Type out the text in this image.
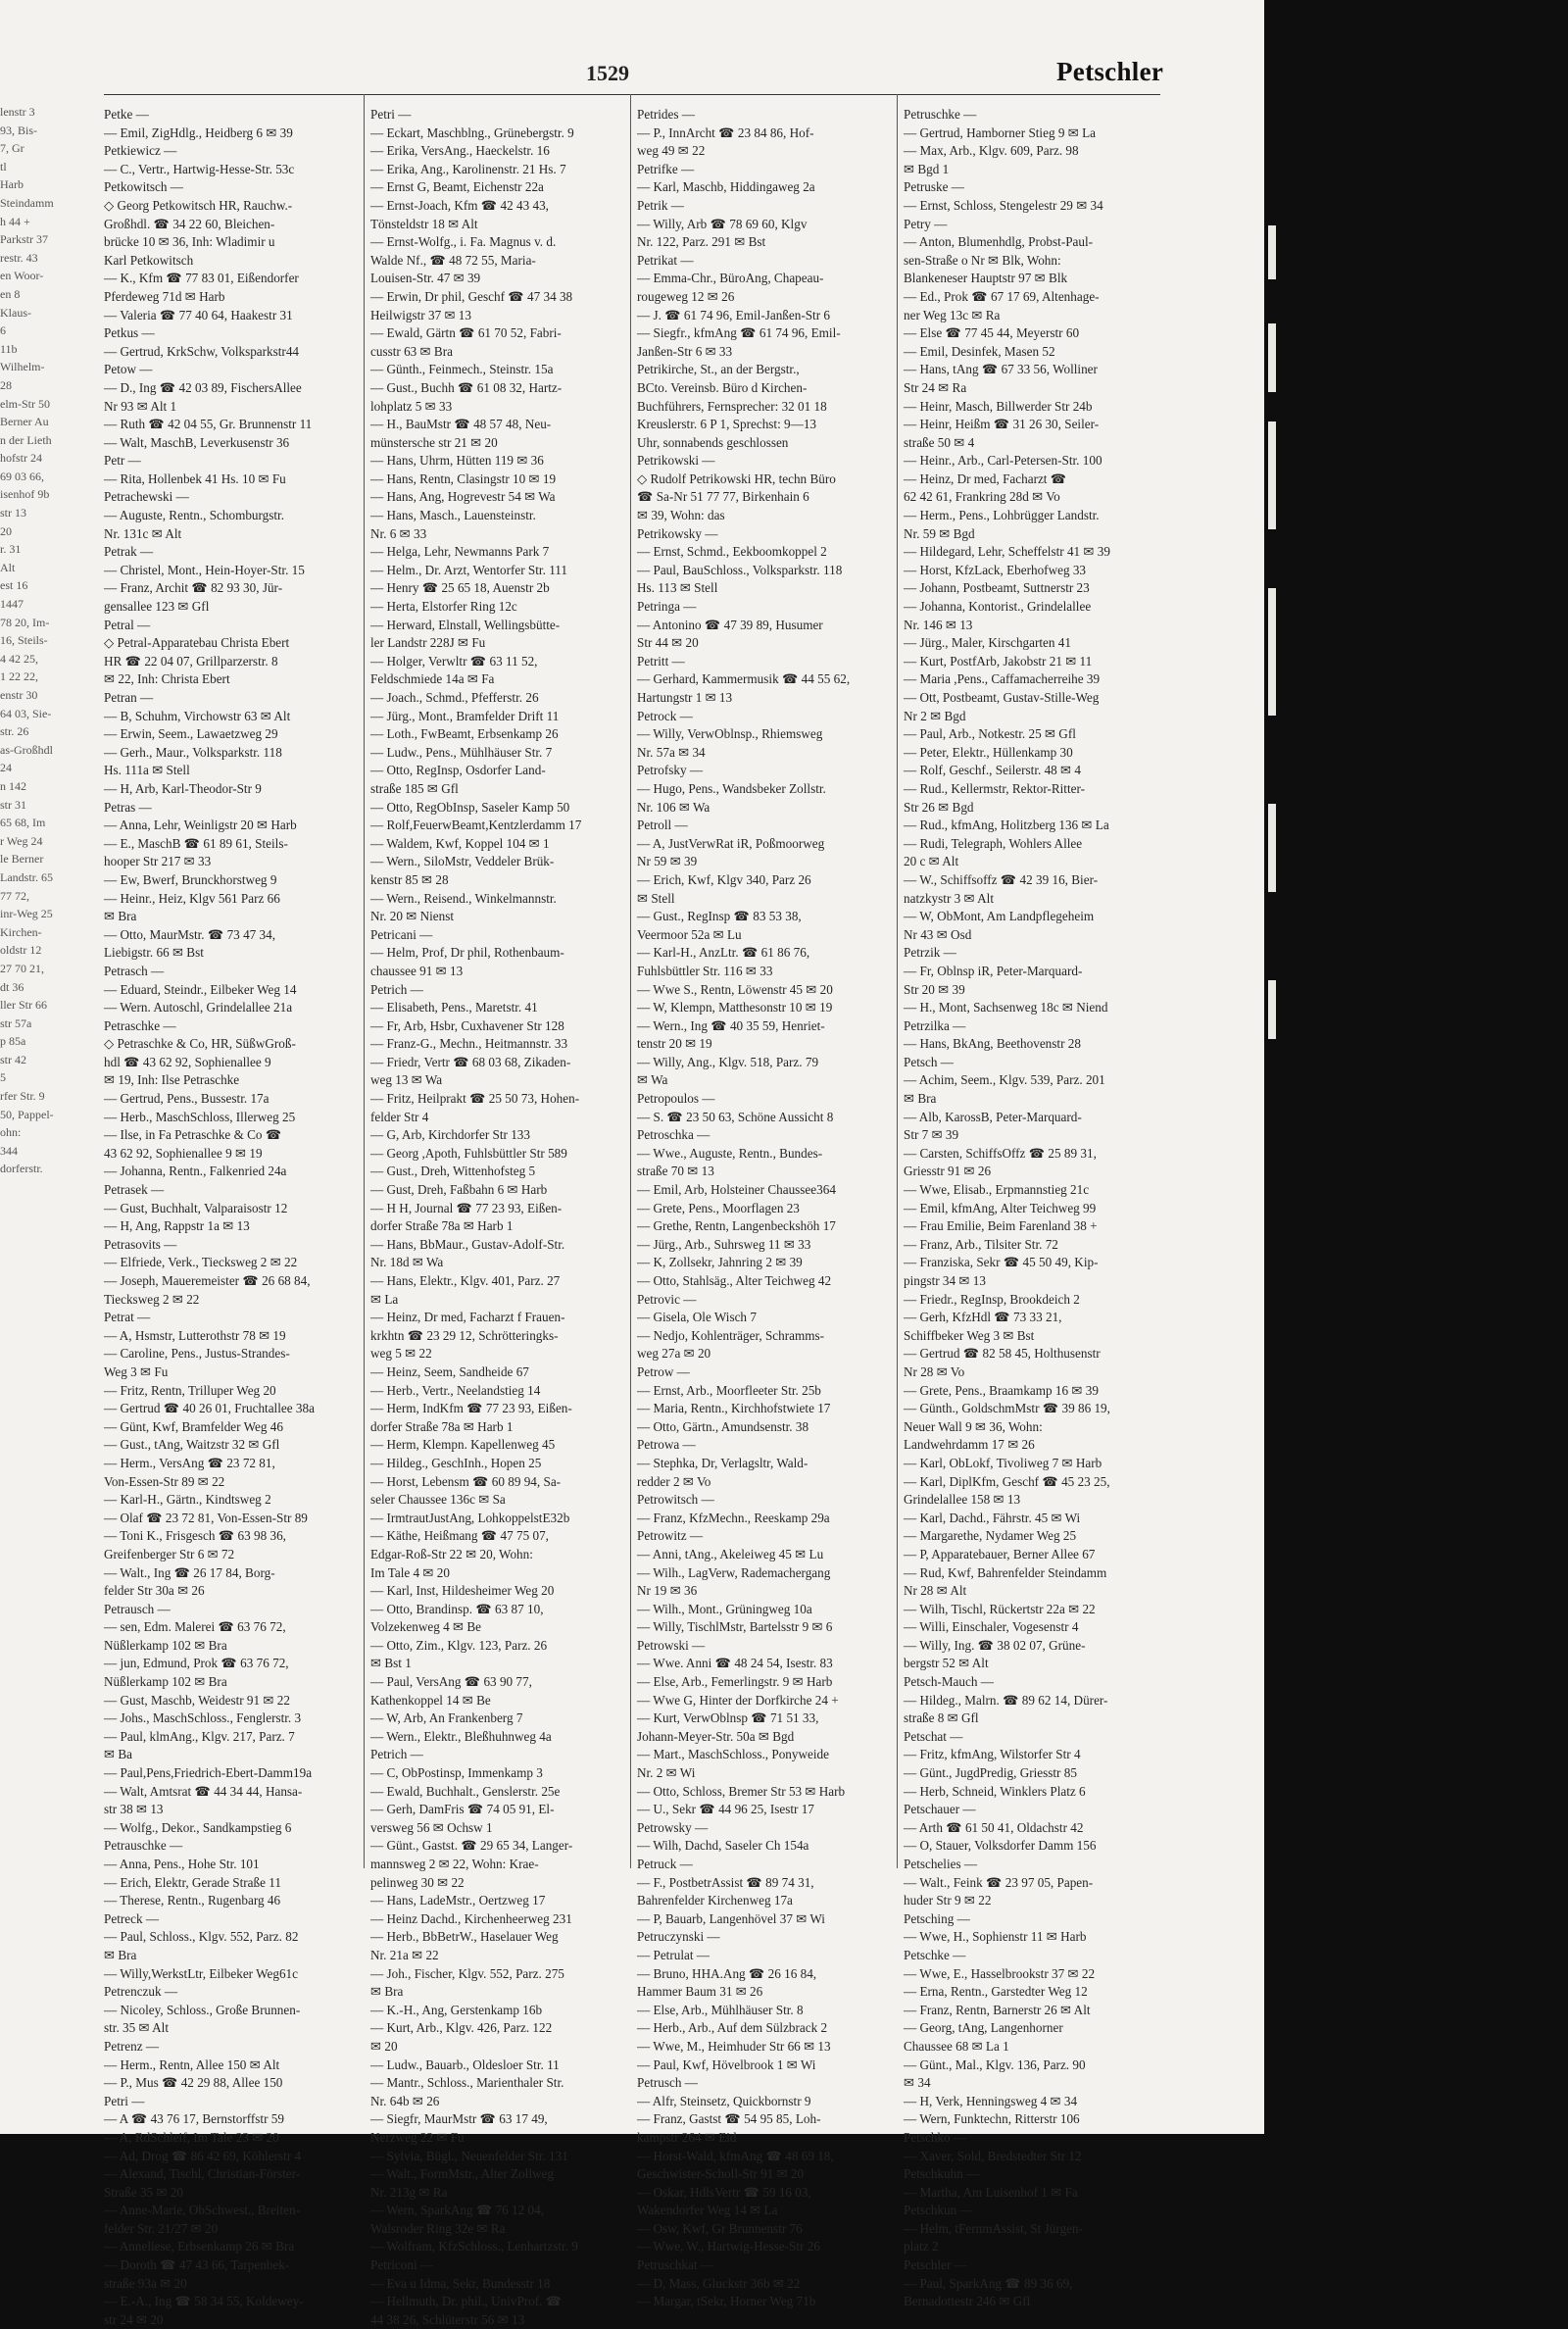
lenstr 3
93, Bis-
7, Gr
tl
Harb
Steindamm
h 44 +
Parkstr 37
restr. 43
en Woor-
en 8
Klaus-
6
11b
Wilhelm-
28
elm-Str 50
Berner Au
n der Lieth
hofstr 24
69 03 66,
isenhof 9b
str 13
20
r. 31
Alt
est 16
1447
78 20, Im-
16, Steils-
4 42 25,
1 22 22,
enstr 30
64 03, Sie-
str. 26
as-Großhdl
24
n 142
str 31
65 68, Im
r Weg 24
le Berner
Landstr. 65
77 72,
inr-Weg 25
Kirchen-
oldstr 12
27 70 21,
dt 36
ller Str 66
str 57a
p 85a
str 42
5
rfer Str. 9
50, Pappel-
ohn:
344
dorferstr.
1529	Petschler
Petke —
— Emil, ZigHdlg., Heidberg 6 ✉ 39
Petkiewicz —
— C., Vertr., Hartwig-Hesse-Str. 53c
Petkowitsch —
◇ Georg Petkowitsch HR, Rauchw.-
Großhdl. ☎ 34 22 60, Bleichen-
brücke 10 ✉ 36, Inh: Wladimir u
Karl Petkowitsch
— K., Kfm ☎ 77 83 01, Eißendorfer
Pferdeweg 71d ✉ Harb
— Valeria ☎ 77 40 64, Haakestr 31
Petkus —
— Gertrud, KrkSchw, Volksparkstr44
Petow —
— D., Ing ☎ 42 03 89, FischersAllee
Nr 93 ✉ Alt 1
— Ruth ☎ 42 04 55, Gr. Brunnenstr 11
— Walt, MaschB, Leverkusenstr 36
Petr —
— Rita, Hollenbek 41 Hs. 10 ✉ Fu
Petrachewski —
— Auguste, Rentn., Schomburgstr.
Nr. 131c ✉ Alt
Petrak —
— Christel, Mont., Hein-Hoyer-Str. 15
— Franz, Archit ☎ 82 93 30, Jür-
gensallee 123 ✉ Gfl
Petral —
◇ Petral-Apparatebau Christa Ebert
HR ☎ 22 04 07, Grillparzerstr. 8
✉ 22, Inh: Christa Ebert
Petran —
— B, Schuhm, Virchowstr 63 ✉ Alt
— Erwin, Seem., Lawaetzweg 29
— Gerh., Maur., Volksparkstr. 118
Hs. 111a ✉ Stell
— H, Arb, Karl-Theodor-Str 9
Petras —
— Anna, Lehr, Weinligstr 20 ✉ Harb
— E., MaschB ☎ 61 89 61, Steils-
hooper Str 217 ✉ 33
— Ew, Bwerf, Brunckhorstweg 9
— Heinr., Heiz, Klgv 561 Parz 66
✉ Bra
— Otto, MaurMstr. ☎ 73 47 34,
Liebigstr. 66 ✉ Bst
Petrasch —
— Eduard, Steindr., Eilbeker Weg 14
— Wern. Autoschl, Grindelallee 21a
Petraschke —
◇ Petraschke & Co, HR, SüßwGroß-
hdl ☎ 43 62 92, Sophienallee 9
✉ 19, Inh: Ilse Petraschke
— Gertrud, Pens., Bussestr. 17a
— Herb., MaschSchloss, Illerweg 25
— Ilse, in Fa Petraschke & Co ☎
43 62 92, Sophienallee 9 ✉ 19
— Johanna, Rentn., Falkenried 24a
Petrasek —
— Gust, Buchhalt, Valparaisostr 12
— H, Ang, Rappstr 1a ✉ 13
Petrasovits —
— Elfriede, Verk., Tiecksweg 2 ✉ 22
— Joseph, Maueremeister ☎ 26 68 84,
Tiecksweg 2 ✉ 22
Petrat —
— A, Hsmstr, Lutterothstr 78 ✉ 19
— Caroline, Pens., Justus-Strandes-
Weg 3 ✉ Fu
— Fritz, Rentn, Trilluper Weg 20
— Gertrud ☎ 40 26 01, Fruchtallee 38a
— Günt, Kwf, Bramfelder Weg 46
— Gust., tAng, Waitzstr 32 ✉ Gfl
— Herm., VersAng ☎ 23 72 81,
Von-Essen-Str 89 ✉ 22
— Karl-H., Gärtn., Kindtsweg 2
— Olaf ☎ 23 72 81, Von-Essen-Str 89
— Toni K., Frisgesch ☎ 63 98 36,
Greifenberger Str 6 ✉ 72
— Walt., Ing ☎ 26 17 84, Borg-
felder Str 30a ✉ 26
Petrausch —
— sen, Edm. Malerei ☎ 63 76 72,
Nüßlerkamp 102 ✉ Bra
— jun, Edmund, Prok ☎ 63 76 72,
Nüßlerkamp 102 ✉ Bra
— Gust, Maschb, Weidestr 91 ✉ 22
— Johs., MaschSchloss., Fenglerstr. 3
— Paul, klmAng., Klgv. 217, Parz. 7
✉ Ba
— Paul,Pens,Friedrich-Ebert-Damm19a
— Walt, Amtsrat ☎ 44 34 44, Hansa-
str 38 ✉ 13
— Wolfg., Dekor., Sandkampstieg 6
Petrauschke —
— Anna, Pens., Hohe Str. 101
— Erich, Elektr, Gerade Straße 11
— Therese, Rentn., Rugenbarg 46
Petreck —
— Paul, Schloss., Klgv. 552, Parz. 82
✉ Bra
— Willy,WerkstLtr, Eilbeker Weg61c
Petrenczuk —
— Nicoley, Schloss., Große Brunnen-
str. 35 ✉ Alt
Petrenz —
— Herm., Rentn, Allee 150 ✉ Alt
— P., Mus ☎ 42 29 88, Allee 150
Petri —
— A ☎ 43 76 17, Bernstorffstr 59
— A, RdSchleif, Im Tale 23 ✉ 20
— Ad, Drog ☎ 86 42 69, Köhlerstr 4
— Alexand, Tischl, Christian-Förster-
Straße 35 ✉ 20
— Anne-Marie, ObSchwest., Breiten-
felder Str. 21/27 ✉ 20
— Anneliese, Erbsenkamp 26 ✉ Bra
— Doroth ☎ 47 43 66, Tarpenbek-
straße 93a ✉ 20
— E.-A., Ing ☎ 58 34 55, Koldewey-
str 24 ✉ 20
Petri —
— Eckart, Maschblng., Grünebergstr. 9
— Erika, VersAng., Haeckelstr. 16
— Erika, Ang., Karolinenstr. 21 Hs. 7
— Ernst G, Beamt, Eichenstr 22a
— Ernst-Joach, Kfm ☎ 42 43 43,
Tönsteldstr 18 ✉ Alt
— Ernst-Wolfg., i. Fa. Magnus v. d.
Walde Nf., ☎ 48 72 55, Maria-
Louisen-Str. 47 ✉ 39
— Erwin, Dr phil, Geschf ☎ 47 34 38
Heilwigstr 37 ✉ 13
— Ewald, Gärtn ☎ 61 70 52, Fabri-
cusstr 63 ✉ Bra
— Günth., Feinmech., Steinstr. 15a
— Gust., Buchh ☎ 61 08 32, Hartz-
lohplatz 5 ✉ 33
— H., BauMstr ☎ 48 57 48, Neu-
münstersche str 21 ✉ 20
— Hans, Uhrm, Hütten 119 ✉ 36
— Hans, Rentn, Clasingstr 10 ✉ 19
— Hans, Ang, Hogrevestr 54 ✉ Wa
— Hans, Masch., Lauensteinstr.
Nr. 6 ✉ 33
— Helga, Lehr, Newmanns Park 7
— Helm., Dr. Arzt, Wentorfer Str. 111
— Henry ☎ 25 65 18, Auenstr 2b
— Herta, Elstorfer Ring 12c
— Herward, Elnstall, Wellingsbütte-
ler Landstr 228J ✉ Fu
— Holger, Verwltr ☎ 63 11 52,
Feldschmiede 14a ✉ Fa
— Joach., Schmd., Pfefferstr. 26
— Jürg., Mont., Bramfelder Drift 11
— Loth., FwBeamt, Erbsenkamp 26
— Ludw., Pens., Mühlhäuser Str. 7
— Otto, RegInsp, Osdorfer Land-
straße 185 ✉ Gfl
— Otto, RegObInsp, Saseler Kamp 50
— Rolf,FeuerwBeamt,Kentzlerdamm 17
— Waldem, Kwf, Koppel 104 ✉ 1
— Wern., SiloMstr, Veddeler Brük-
kenstr 85 ✉ 28
— Wern., Reisend., Winkelmannstr.
Nr. 20 ✉ Nienst
Petricani —
— Helm, Prof, Dr phil, Rothenbaum-
chaussee 91 ✉ 13
Petrich —
— Elisabeth, Pens., Maretstr. 41
— Fr, Arb, Hsbr, Cuxhavener Str 128
— Franz-G., Mechn., Heitmannstr. 33
— Friedr, Vertr ☎ 68 03 68, Zikaden-
weg 13 ✉ Wa
— Fritz, Heilprakt ☎ 25 50 73, Hohen-
felder Str 4
— G, Arb, Kirchdorfer Str 133
— Georg ,Apoth, Fuhlsbüttler Str 589
— Gust., Dreh, Wittenhofsteg 5
— Gust, Dreh, Faßbahn 6 ✉ Harb
— H H, Journal ☎ 77 23 93, Eißen-
dorfer Straße 78a ✉ Harb 1
— Hans, BbMaur., Gustav-Adolf-Str.
Nr. 18d ✉ Wa
— Hans, Elektr., Klgv. 401, Parz. 27
✉ La
— Heinz, Dr med, Facharzt f Frauen-
krkhtn ☎ 23 29 12, Schrötteringks-
weg 5 ✉ 22
— Heinz, Seem, Sandheide 67
— Herb., Vertr., Neelandstieg 14
— Herm, IndKfm ☎ 77 23 93, Eißen-
dorfer Straße 78a ✉ Harb 1
— Herm, Klempn. Kapellenweg 45
— Hildeg., GeschInh., Hopen 25
— Horst, Lebensm ☎ 60 89 94, Sa-
seler Chaussee 136c ✉ Sa
— IrmtrautJustAng, LohkoppelstE32b
— Käthe, Heißmang ☎ 47 75 07,
Edgar-Roß-Str 22 ✉ 20, Wohn:
Im Tale 4 ✉ 20
— Karl, Inst, Hildesheimer Weg 20
— Otto, Brandinsp. ☎ 63 87 10,
Volzekenweg 4 ✉ Be
— Otto, Zim., Klgv. 123, Parz. 26
✉ Bst 1
— Paul, VersAng ☎ 63 90 77,
Kathenkoppel 14 ✉ Be
— W, Arb, An Frankenberg 7
— Wern., Elektr., Bleßhuhnweg 4a
Petrich —
— C, ObPostinsp, Immenkamp 3
— Ewald, Buchhalt., Genslerstr. 25e
— Gerh, DamFris ☎ 74 05 91, El-
versweg 56 ✉ Ochsw 1
— Günt., Gastst. ☎ 29 65 34, Langer-
mannsweg 2 ✉ 22, Wohn: Krae-
pelinweg 30 ✉ 22
— Hans, LadeMstr., Oertzweg 17
— Heinz Dachd., Kirchenheerweg 231
— Herb., BbBetrW., Haselauer Weg
Nr. 21a ✉ 22
— Joh., Fischer, Klgv. 552, Parz. 275
✉ Bra
— K.-H., Ang, Gerstenkamp 16b
— Kurt, Arb., Klgv. 426, Parz. 122
✉ 20
— Ludw., Bauarb., Oldesloer Str. 11
— Mantr., Schloss., Marienthaler Str.
Nr. 64b ✉ 26
— Siegfr, MaurMstr ☎ 63 17 49,
Nerzweg 22 ✉ Fu
— Sylvia, Bügl., Neuenfelder Str. 131
— Walt., FormMstr., Alter Zollweg
Nr. 213g ✉ Ra
— Wern, SparkAng ☎ 76 12 04,
Walsroder Ring 32e ✉ Ra
— Wolfram, KfzSchloss., Lenhartzstr. 9
Petriconi —
— Eva u Idma, Sekr, Bundesstr 18
— Hellmuth, Dr. phil., UnivProf. ☎
44 38 26, Schlüterstr 56 ✉ 13
Petrides —
— P., InnArcht ☎ 23 84 86, Hof-
weg 49 ✉ 22
Petrifke —
— Karl, Maschb, Hiddingaweg 2a
Petrik —
— Willy, Arb ☎ 78 69 60, Klgv
Nr. 122, Parz. 291 ✉ Bst
Petrikat —
— Emma-Chr., BüroAng, Chapeau-
rougeweg 12 ✉ 26
— J. ☎ 61 74 96, Emil-Janßen-Str 6
— Siegfr., kfmAng ☎ 61 74 96, Emil-
Janßen-Str 6 ✉ 33
Petrikirche, St., an der Bergstr.,
BCto. Vereinsb. Büro d Kirchen-
Buchführers, Fernsprecher: 32 01 18
Kreuslerstr. 6 P 1, Sprechst: 9—13
Uhr, sonnabends geschlossen
Petrikowski —
◇ Rudolf Petrikowski HR, techn Büro
☎ Sa-Nr 51 77 77, Birkenhain 6
✉ 39, Wohn: das
Petrikowsky —
— Ernst, Schmd., Eekboomkoppel 2
— Paul, BauSchloss., Volksparkstr. 118
Hs. 113 ✉ Stell
Petringa —
— Antonino ☎ 47 39 89, Husumer
Str 44 ✉ 20
Petritt —
— Gerhard, Kammermusik ☎ 44 55 62,
Hartungstr 1 ✉ 13
Petrock —
— Willy, VerwOblnsp., Rhiemsweg
Nr. 57a ✉ 34
Petrofsky —
— Hugo, Pens., Wandsbeker Zollstr.
Nr. 106 ✉ Wa
Petroll —
— A, JustVerwRat iR, Poßmoorweg
Nr 59 ✉ 39
— Erich, Kwf, Klgv 340, Parz 26
✉ Stell
— Gust., RegInsp ☎ 83 53 38,
Veermoor 52a ✉ Lu
— Karl-H., AnzLtr. ☎ 61 86 76,
Fuhlsbüttler Str. 116 ✉ 33
— Wwe S., Rentn, Löwenstr 45 ✉ 20
— W, Klempn, Matthesonstr 10 ✉ 19
— Wern., Ing ☎ 40 35 59, Henriet-
tenstr 20 ✉ 19
— Willy, Ang., Klgv. 518, Parz. 79
✉ Wa
Petropoulos —
— S. ☎ 23 50 63, Schöne Aussicht 8
Petroschka —
— Wwe., Auguste, Rentn., Bundes-
straße 70 ✉ 13
— Emil, Arb, Holsteiner Chaussee364
— Grete, Pens., Moorflagen 23
— Grethe, Rentn, Langenbeckshöh 17
— Jürg., Arb., Suhrsweg 11 ✉ 33
— K, Zollsekr, Jahnring 2 ✉ 39
— Otto, Stahlsäg., Alter Teichweg 42
Petrovic —
— Gisela, Ole Wisch 7
— Nedjo, Kohlenträger, Schramms-
weg 27a ✉ 20
Petrow —
— Ernst, Arb., Moorfleeter Str. 25b
— Maria, Rentn., Kirchhofstwiete 17
— Otto, Gärtn., Amundsenstr. 38
Petrowa —
— Stephka, Dr, Verlagsltr, Wald-
redder 2 ✉ Vo
Petrowitsch —
— Franz, KfzMechn., Reeskamp 29a
Petrowitz —
— Anni, tAng., Akeleiweg 45 ✉ Lu
— Wilh., LagVerw, Rademachergang
Nr 19 ✉ 36
— Wilh., Mont., Grüningweg 10a
— Willy, TischlMstr, Bartelsstr 9 ✉ 6
Petrowski —
— Wwe. Anni ☎ 48 24 54, Isestr. 83
— Else, Arb., Femerlingstr. 9 ✉ Harb
— Wwe G, Hinter der Dorfkirche 24 +
— Kurt, VerwOblnsp ☎ 71 51 33,
Johann-Meyer-Str. 50a ✉ Bgd
— Mart., MaschSchloss., Ponyweide
Nr. 2 ✉ Wi
— Otto, Schloss, Bremer Str 53 ✉ Harb
— U., Sekr ☎ 44 96 25, Isestr 17
Petrowsky —
— Wilh, Dachd, Saseler Ch 154a
Petruck —
— F., PostbetrAssist ☎ 89 74 31,
Bahrenfelder Kirchenweg 17a
— P, Bauarb, Langenhövel 37 ✉ Wi
Petruczynski —
— Petrulat —
— Bruno, HHA.Ang ☎ 26 16 84,
Hammer Baum 31 ✉ 26
— Else, Arb., Mühlhäuser Str. 8
— Herb., Arb., Auf dem Sülzbrack 2
— Wwe, M., Heimhuder Str 66 ✉ 13
— Paul, Kwf, Hövelbrook 1 ✉ Wi
Petrusch —
— Alfr, Steinsetz, Quickbornstr 9
— Franz, Gastst ☎ 54 95 85, Loh-
kampstr 264 ✉ Eid
— Horst-Wald, kfmAng ☎ 48 69 18,
Geschwister-Scholl-Str 91 ✉ 20
— Oskar, HdlsVertr ☎ 59 16 03,
Wakendorfer Weg 14 ✉ La
— Osw, Kwf, Gr Brunnenstr 76
— Wwe, W., Hartwig-Hesse-Str 26
Petruschkat —
— D, Mass, Gluckstr 36b ✉ 22
— Margar, tSekr, Horner Weg 71b
Petruschke —
— Gertrud, Hamborner Stieg 9 ✉ La
— Max, Arb., Klgv. 609, Parz. 98
✉ Bgd 1
Petruske —
— Ernst, Schloss, Stengelestr 29 ✉ 34
Petry —
— Anton, Blumenhdlg, Probst-Paul-
sen-Straße o Nr ✉ Blk, Wohn:
Blankeneser Hauptstr 97 ✉ Blk
— Ed., Prok ☎ 67 17 69, Altenhage-
ner Weg 13c ✉ Ra
— Else ☎ 77 45 44, Meyerstr 60
— Emil, Desinfek, Masen 52
— Hans, tAng ☎ 67 33 56, Wolliner
Str 24 ✉ Ra
— Heinr, Masch, Billwerder Str 24b
— Heinr, Heißm ☎ 31 26 30, Seiler-
straße 50 ✉ 4
— Heinr., Arb., Carl-Petersen-Str. 100
— Heinz, Dr med, Facharzt ☎
62 42 61, Frankring 28d ✉ Vo
— Herm., Pens., Lohbrügger Landstr.
Nr. 59 ✉ Bgd
— Hildegard, Lehr, Scheffelstr 41 ✉ 39
— Horst, KfzLack, Eberhofweg 33
— Johann, Postbeamt, Suttnerstr 23
— Johanna, Kontorist., Grindelallee
Nr. 146 ✉ 13
— Jürg., Maler, Kirschgarten 41
— Kurt, PostfArb, Jakobstr 21 ✉ 11
— Maria ,Pens., Caffamacherreihe 39
— Ott, Postbeamt, Gustav-Stille-Weg
Nr 2 ✉ Bgd
— Paul, Arb., Notkestr. 25 ✉ Gfl
— Peter, Elektr., Hüllenkamp 30
— Rolf, Geschf., Seilerstr. 48 ✉ 4
— Rud., Kellermstr, Rektor-Ritter-
Str 26 ✉ Bgd
— Rud., kfmAng, Holitzberg 136 ✉ La
— Rudi, Telegraph, Wohlers Allee
20 c ✉ Alt
— W., Schiffsoffz ☎ 42 39 16, Bier-
natzkystr 3 ✉ Alt
— W, ObMont, Am Landpflegeheim
Nr 43 ✉ Osd
Petrzik —
— Fr, Oblnsp iR, Peter-Marquard-
Str 20 ✉ 39
— H., Mont, Sachsenweg 18c ✉ Niend
Petrzilka —
— Hans, BkAng, Beethovenstr 28
Petsch —
— Achim, Seem., Klgv. 539, Parz. 201
✉ Bra
— Alb, KarossB, Peter-Marquard-
Str 7 ✉ 39
— Carsten, SchiffsOffz ☎ 25 89 31,
Griesstr 91 ✉ 26
— Wwe, Elisab., Erpmannstieg 21c
— Emil, kfmAng, Alter Teichweg 99
— Frau Emilie, Beim Farenland 38 +
— Franz, Arb., Tilsiter Str. 72
— Franziska, Sekr ☎ 45 50 49, Kip-
pingstr 34 ✉ 13
— Friedr., RegInsp, Brookdeich 2
— Gerh, KfzHdl ☎ 73 33 21,
Schiffbeker Weg 3 ✉ Bst
— Gertrud ☎ 82 58 45, Holthusenstr
Nr 28 ✉ Vo
— Grete, Pens., Braamkamp 16 ✉ 39
— Günth., GoldschmMstr ☎ 39 86 19,
Neuer Wall 9 ✉ 36, Wohn:
Landwehrdamm 17 ✉ 26
— Karl, ObLokf, Tivoliweg 7 ✉ Harb
— Karl, DiplKfm, Geschf ☎ 45 23 25,
Grindelallee 158 ✉ 13
— Karl, Dachd., Fährstr. 45 ✉ Wi
— Margarethe, Nydamer Weg 25
— P, Apparatebauer, Berner Allee 67
— Rud, Kwf, Bahrenfelder Steindamm
Nr 28 ✉ Alt
— Wilh, Tischl, Rückertstr 22a ✉ 22
— Willi, Einschaler, Vogesenstr 4
— Willy, Ing. ☎ 38 02 07, Grüne-
bergstr 52 ✉ Alt
Petsch-Mauch —
— Hildeg., Malrn. ☎ 89 62 14, Dürer-
straße 8 ✉ Gfl
Petschat —
— Fritz, kfmAng, Wilstorfer Str 4
— Günt., JugdPredig, Griesstr 85
— Herb, Schneid, Winklers Platz 6
Petschauer —
— Arth ☎ 61 50 41, Oldachstr 42
— O, Stauer, Volksdorfer Damm 156
Petschelies —
— Walt., Feink ☎ 23 97 05, Papen-
huder Str 9 ✉ 22
Petsching —
— Wwe, H., Sophienstr 11 ✉ Harb
Petschke —
— Wwe, E., Hasselbrookstr 37 ✉ 22
— Erna, Rentn., Garstedter Weg 12
— Franz, Rentn, Barnerstr 26 ✉ Alt
— Georg, tAng, Langenhorner
Chaussee 68 ✉ La 1
— Günt., Mal., Klgv. 136, Parz. 90
✉ 34
— H, Verk, Henningsweg 4 ✉ 34
— Wern, Funktechn, Ritterstr 106
Petschko —
— Xaver, Sold, Bredstedter Str 12
Petschkuhn —
— Martha, Am Luisenhof 1 ✉ Fa
Petschkun —
— Helm, tFernmAssist, St Jürgen-
platz 2
Petschler —
— Paul, SparkAng ☎ 89 36 69,
Bernadottestr 246 ✉ Gfl
